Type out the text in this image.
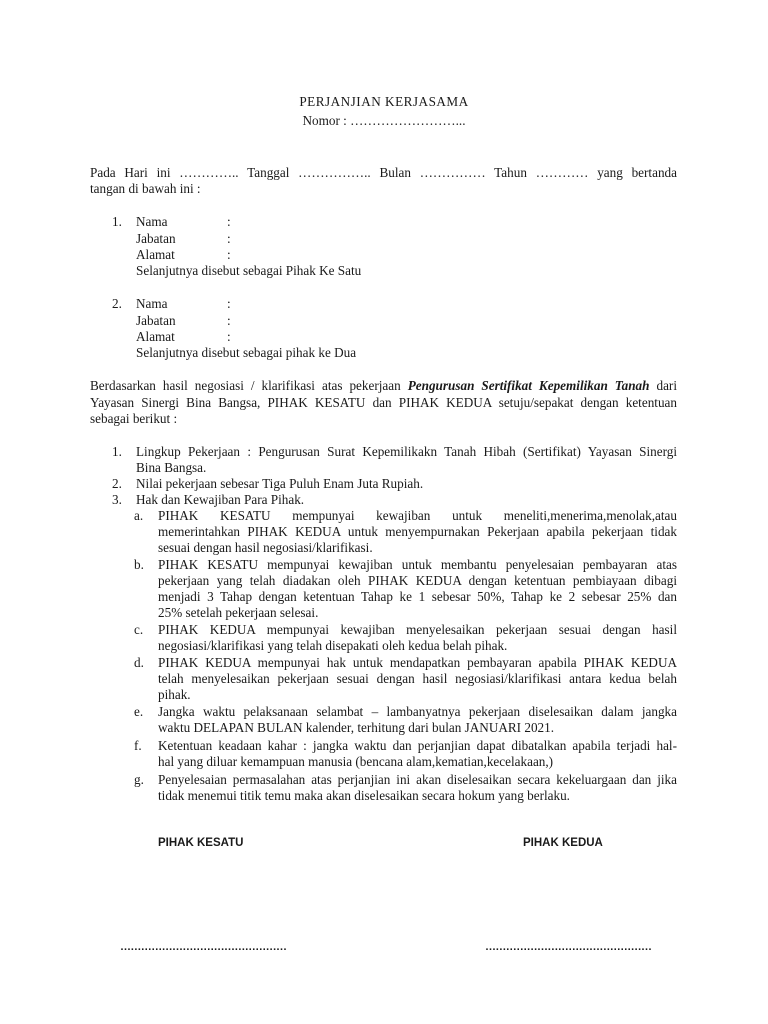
PERJANJIAN KERJASAMA
Nomor : ……………………...
Pada Hari ini ………….. Tanggal …………….. Bulan …………… Tahun ………… yang bertanda
tangan di bawah ini :
1. Nama	:
Jabatan	:
Alamat	:
Selanjutnya disebut sebagai Pihak Ke Satu
2. Nama	:
Jabatan	:
Alamat	:
Selanjutnya disebut sebagai pihak ke Dua
Berdasarkan hasil negosiasi / klarifikasi atas pekerjaan Pengurusan Sertifikat Kepemilikan Tanah dari
Yayasan Sinergi Bina Bangsa, PIHAK KESATU dan PIHAK KEDUA setuju/sepakat dengan ketentuan
sebagai berikut :
1. Lingkup Pekerjaan : Pengurusan Surat Kepemilikakn Tanah Hibah (Sertifikat) Yayasan Sinergi
Bina Bangsa.
2. Nilai pekerjaan sebesar Tiga Puluh Enam Juta Rupiah.
3. Hak dan Kewajiban Para Pihak.
a. PIHAK KESATU mempunyai kewajiban untuk meneliti,menerima,menolak,atau
memerintahkan PIHAK KEDUA untuk menyempurnakan Pekerjaan apabila pekerjaan tidak
sesuai dengan hasil negosiasi/klarifikasi.
b. PIHAK KESATU mempunyai kewajiban untuk membantu penyelesaian pembayaran atas
pekerjaan yang telah diadakan oleh PIHAK KEDUA dengan ketentuan pembiayaan dibagi
menjadi 3 Tahap dengan ketentuan Tahap ke 1 sebesar 50%, Tahap ke 2 sebesar 25% dan
25% setelah pekerjaan selesai.
c. PIHAK KEDUA mempunyai kewajiban menyelesaikan pekerjaan sesuai dengan hasil
negosiasi/klarifikasi yang telah disepakati oleh kedua belah pihak.
d. PIHAK KEDUA mempunyai hak untuk mendapatkan pembayaran apabila PIHAK KEDUA
telah menyelesaikan pekerjaan sesuai dengan hasil negosiasi/klarifikasi antara kedua belah
pihak.
e. Jangka waktu pelaksanaan selambat – lambanyatnya pekerjaan diselesaikan dalam jangka
waktu DELAPAN BULAN kalender, terhitung dari bulan JANUARI 2021.
f. Ketentuan keadaan kahar : jangka waktu dan perjanjian dapat dibatalkan apabila terjadi hal-
hal yang diluar kemampuan manusia (bencana alam,kematian,kecelakaan,)
g. Penyelesaian permasalahan atas perjanjian ini akan diselesaikan secara kekeluargaan dan jika
tidak menemui titik temu maka akan diselesaikan secara hokum yang berlaku.
PIHAK KESATU	PIHAK KEDUA
…………………………………………	…………………………………………
